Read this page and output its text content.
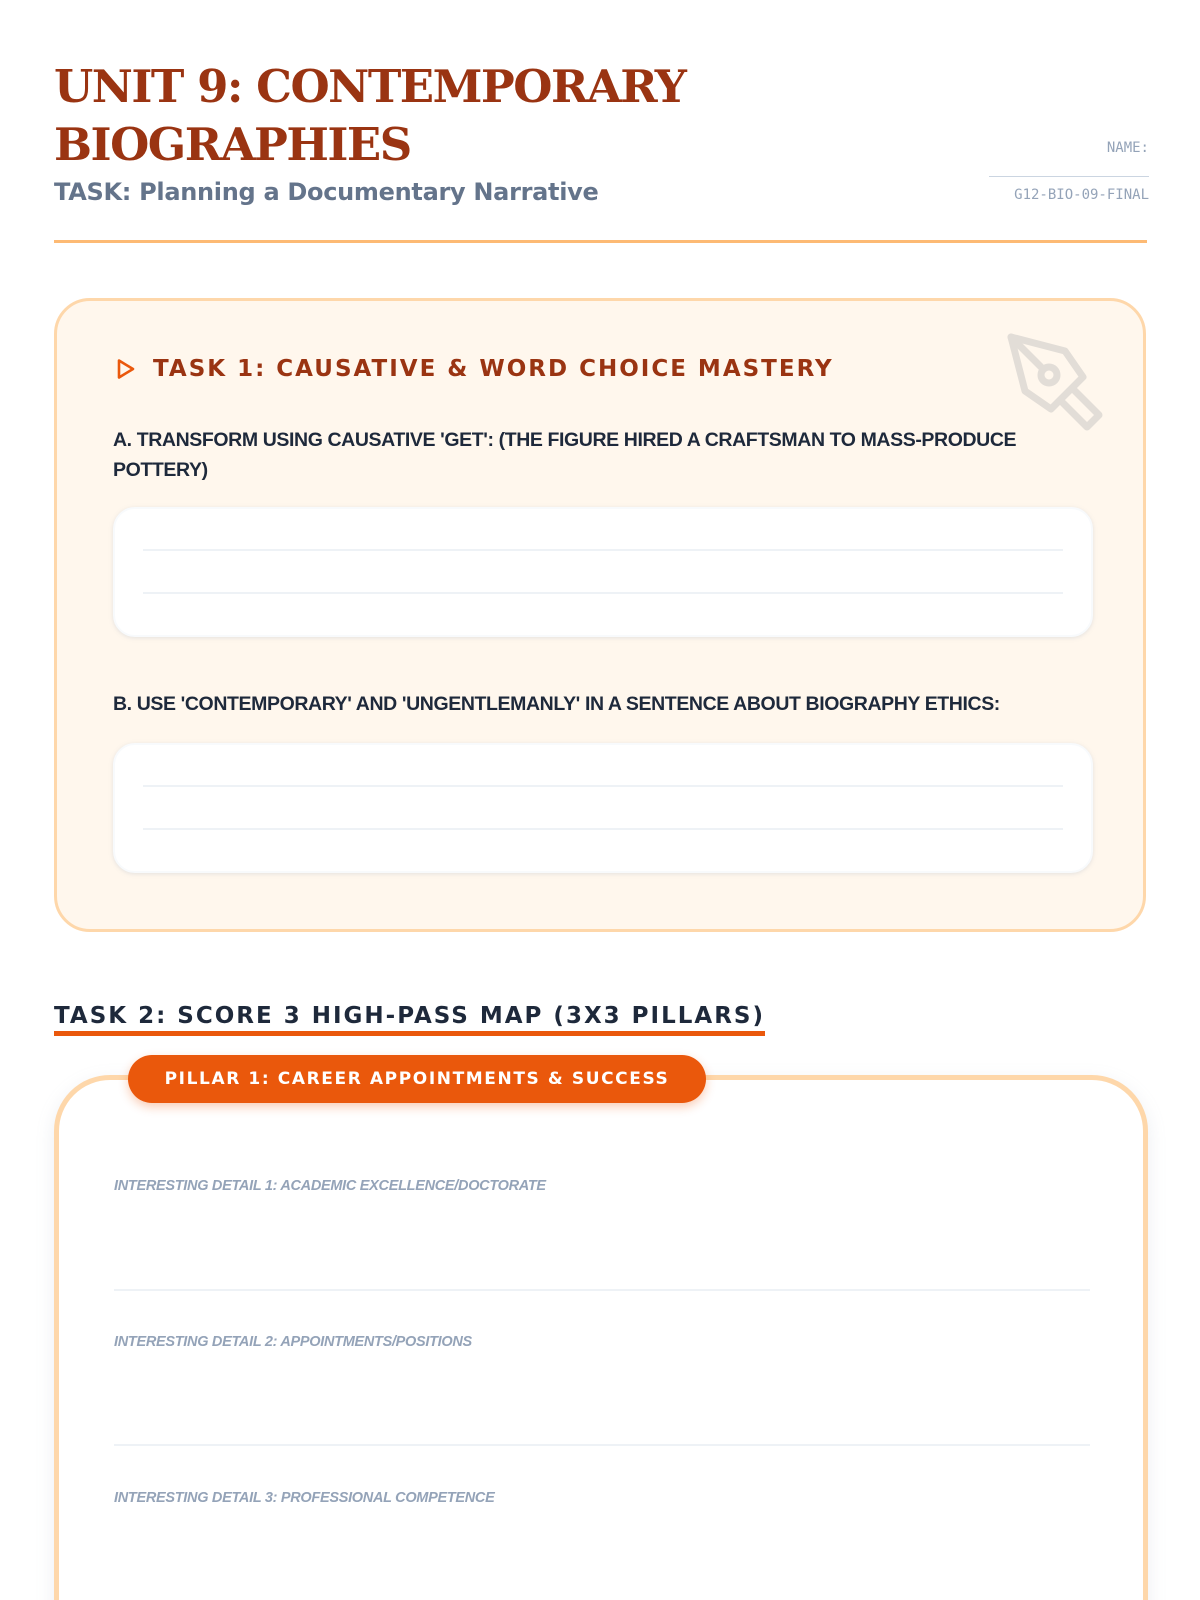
UNIT 9: CONTEMPORARY BIOGRAPHIES
TASK: Planning a Documentary Narrative
NAME:
G12-BIO-09-FINAL
TASK 1: CAUSATIVE & WORD CHOICE MASTERY
A. TRANSFORM USING CAUSATIVE 'GET': (THE FIGURE HIRED A CRAFTSMAN TO MASS-PRODUCE POTTERY)
B. USE 'CONTEMPORARY' AND 'UNGENTLEMANLY' IN A SENTENCE ABOUT BIOGRAPHY ETHICS:
TASK 2: SCORE 3 HIGH-PASS MAP (3X3 PILLARS)
PILLAR 1: CAREER APPOINTMENTS & SUCCESS
INTERESTING DETAIL 1: ACADEMIC EXCELLENCE/DOCTORATE
INTERESTING DETAIL 2: APPOINTMENTS/POSITIONS
INTERESTING DETAIL 3: PROFESSIONAL COMPETENCE
